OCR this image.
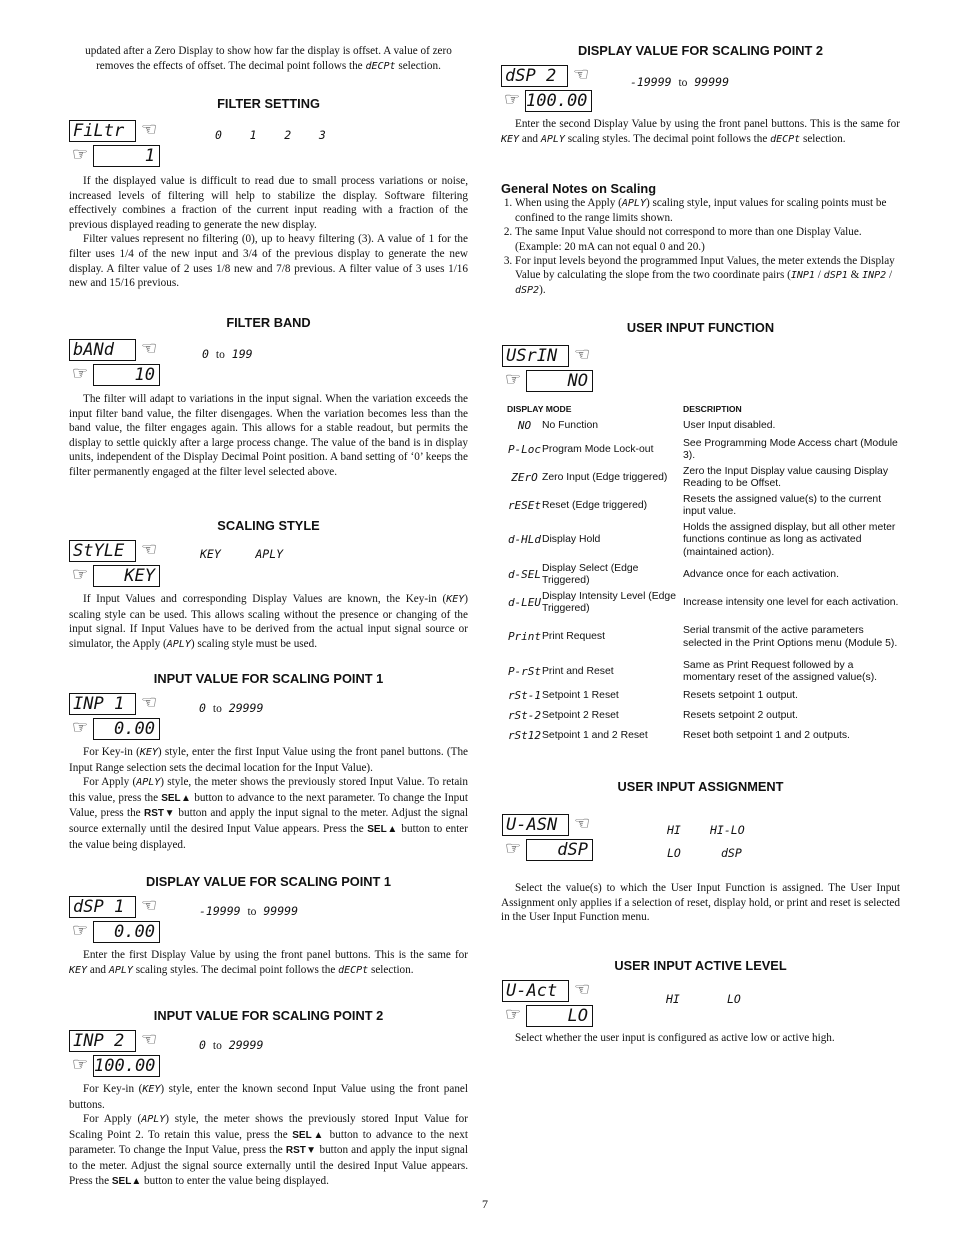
updated after a Zero Display to show how far the display is offset. A value of zero removes the effects of offset. The decimal point follows the dECPt selection.

FILTER SETTING
FiLtr ☜
☞	1
0    1    2    3

If the displayed value is difficult to read due to small process variations or noise, increased levels of filtering will help to stabilize the display. Software filtering effectively combines a fraction of the current input reading with a fraction of the previous displayed reading to generate the new display.

Filter values represent no filtering (0), up to heavy filtering (3). A value of 1 for the filter uses 1/4 of the new input and 3/4 of the previous display to generate the new display. A filter value of 2 uses 1/8 new and 7/8 previous. A filter value of 3 uses 1/16 new and 15/16 previous.

FILTER BAND
bANd	☜
☞	10
0 to 199

The filter will adapt to variations in the input signal. When the variation exceeds the input filter band value, the filter disengages. When the variation becomes less than the band value, the filter engages again. This allows for a stable readout, but permits the display to settle quickly after a large process change. The value of the band is in display units, independent of the Display Decimal Point position. A band setting of ‘0’ keeps the filter permanently engaged at the filter level selected above.

SCALING STYLE
StYLE ☜
☞	KEY
KEY     APLY

If Input Values and corresponding Display Values are known, the Key-in (KEY) scaling style can be used. This allows scaling without the presence or changing of the input signal. If Input Values have to be derived from the actual input signal source or simulator, the Apply (APLY) scaling style must be used.

INPUT VALUE FOR SCALING POINT 1
INP 1 ☜
☞	0.00
0 to 29999

For Key-in (KEY) style, enter the first Input Value using the front panel buttons. (The Input Range selection sets the decimal location for the Input Value).

For Apply (APLY) style, the meter shows the previously stored Input Value. To retain this value, press the SEL▲ button to advance to the next parameter. To change the Input Value, press the RST▼ button and apply the input signal to the meter. Adjust the signal source externally until the desired Input Value appears. Press the SEL▲ button to enter the value being displayed.

DISPLAY VALUE FOR SCALING POINT 1
dSP 1 ☜
☞	0.00
-19999 to 99999

Enter the first Display Value by using the front panel buttons. This is the same for KEY and APLY scaling styles. The decimal point follows the dECPt selection.

INPUT VALUE FOR SCALING POINT 2
INP 2 ☜
☞ 100.00
0 to 29999

For Key-in (KEY) style, enter the known second Input Value using the front panel buttons.

For Apply (APLY) style, the meter shows the previously stored Input Value for Scaling Point 2. To retain this value, press the SEL▲ button to advance to the next parameter. To change the Input Value, press the RST▼ button and apply the input signal to the meter. Adjust the signal source externally until the desired Input Value appears. Press the SEL▲ button to enter the value being displayed.

DISPLAY VALUE FOR SCALING POINT 2
dSP 2 ☜
☞ 100.00
-19999 to 99999

Enter the second Display Value by using the front panel buttons. This is the same for KEY and APLY scaling styles. The decimal point follows the dECPt selection.

General Notes on Scaling
1. When using the Apply (APLY) scaling style, input values for scaling points must be confined to the range limits shown.
2. The same Input Value should not correspond to more than one Display Value. (Example: 20 mA can not equal 0 and 20.)
3. For input levels beyond the programmed Input Values, the meter extends the Display Value by calculating the slope from the two coordinate pairs (INP1 / dSP1 & INP2 / dSP2).
USER INPUT FUNCTION
USrIN ☜
☞	NO
DISPLAY MODE		DESCRIPTION
NO	No Function	User Input disabled.
P-Loc	Program Mode Lock-out	See Programming Mode Access chart (Module 3).
ZErO	Zero Input (Edge triggered)	Zero the Input Display value causing Display Reading to be Offset.
rESEt	Reset (Edge triggered)	Resets the assigned value(s) to the current input value.
d-HLd	Display Hold	Holds the assigned display, but all other meter functions continue as long as activated (maintained action).
d-SEL	Display Select (Edge Triggered)	Advance once for each activation.
d-LEU	Display Intensity Level (Edge Triggered)	Increase intensity one level for each activation.
Print	Print Request	Serial transmit of the active parameters selected in the Print Options menu (Module 5).
P-rSt	Print and Reset	Same as Print Request followed by a momentary reset of the assigned value(s).
rSt-1	Setpoint 1 Reset	Resets setpoint 1 output.
rSt-2	Setpoint 2 Reset	Resets setpoint 2 output.
rSt12	Setpoint 1 and 2 Reset	Reset both setpoint 1 and 2 outputs.
USER INPUT ASSIGNMENT
U-ASN ☜
☞	dSP
HI	HI-LO
LO	dSP

Select the value(s) to which the User Input Function is assigned. The User Input Assignment only applies if a selection of reset, display hold, or print and reset is selected in the User Input Function menu.

USER INPUT ACTIVE LEVEL
U-Act ☜
☞	LO
HI	LO

Select whether the user input is configured as active low or active high.

7
